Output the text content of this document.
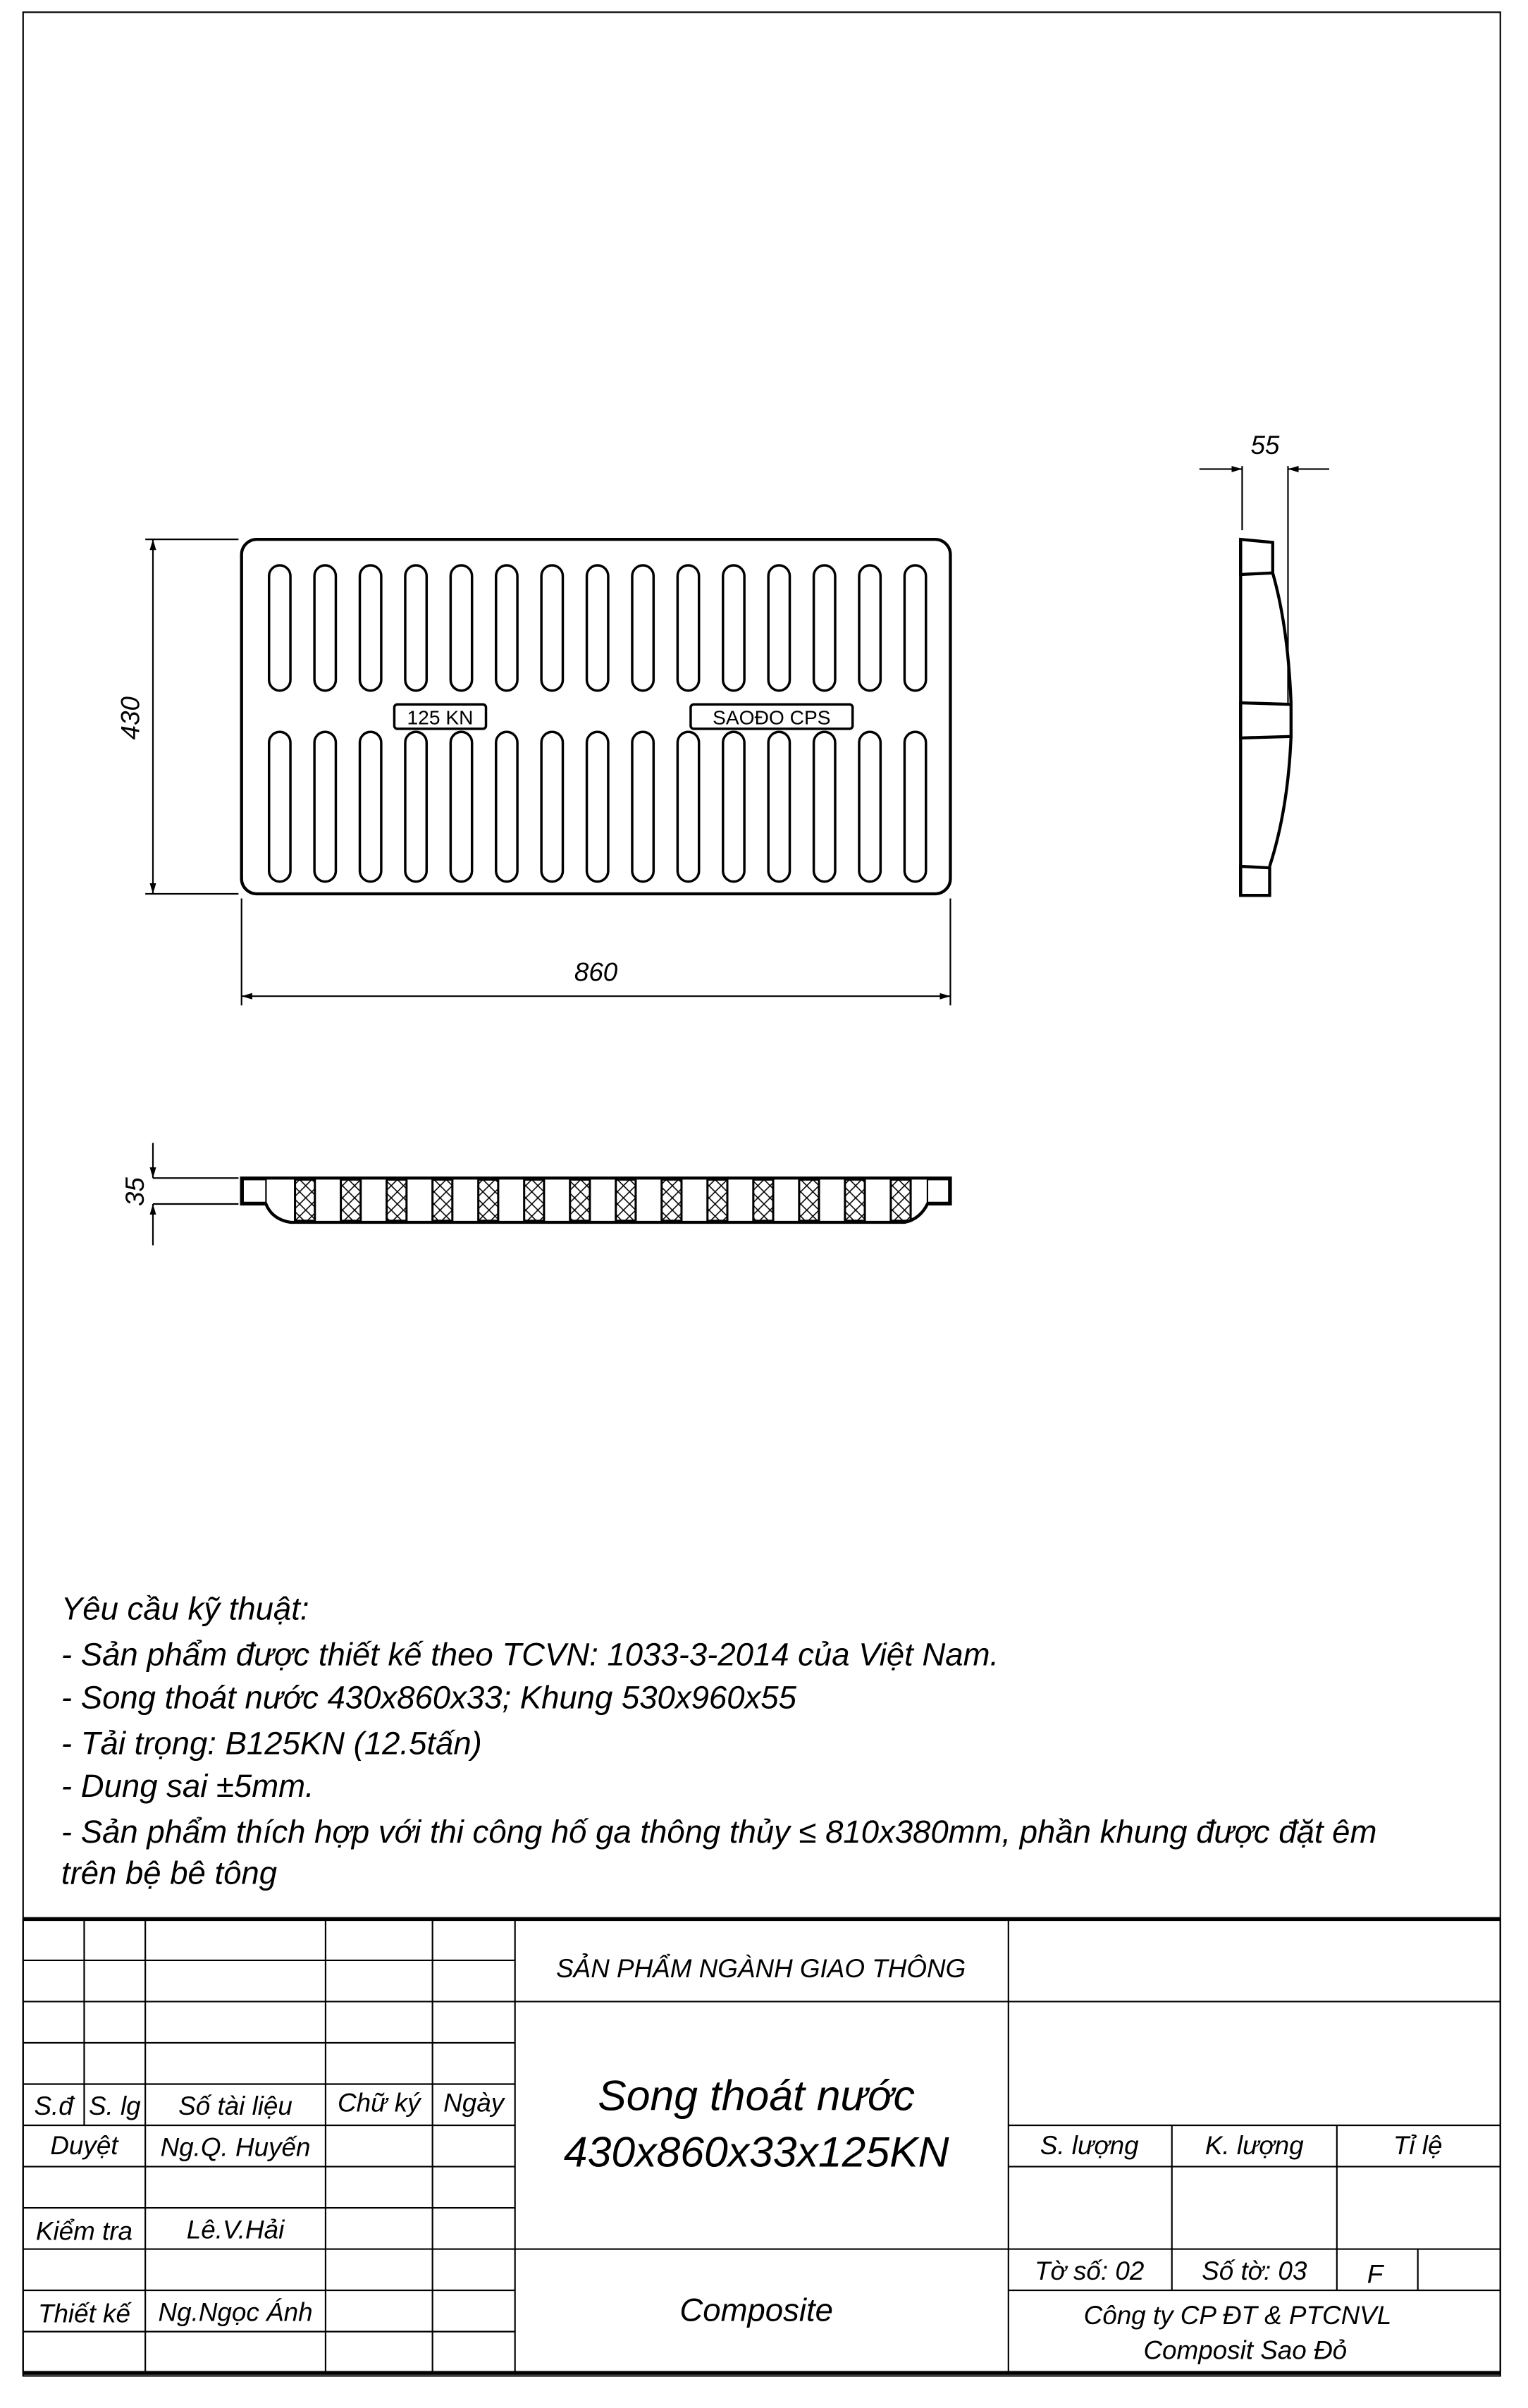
125 KN	SAOĐO CPS
430
860
55
35
Yêu cầu kỹ thuật:
- Sản phẩm được thiết kế theo TCVN: 1033-3-2014 của Việt Nam.
- Song thoát nước 430x860x33; Khung 530x960x55
- Tải trọng: B125KN (12.5tấn)
- Dung sai ±5mm.
- Sản phẩm thích hợp với thi công hố ga thông thủy ≤ 810x380mm, phần khung được đặt êm
trên bệ bê tông
SẢN PHẨM NGÀNH GIAO THÔNG
Song thoát nước
430x860x33x125KN
Composite
S.đ S. lg	Số tài liệu	Chữ ký Ngày
Duyệt	Ng.Q. Huyến
Kiểm tra	Lê.V.Hải
Thiết kế Ng.Ngọc Ánh
S. lượng	K. lượng	Tỉ lệ
Tờ số: 02	Số tờ: 03	F
Công ty CP ĐT & PTCNVL
Composit Sao Đỏ
